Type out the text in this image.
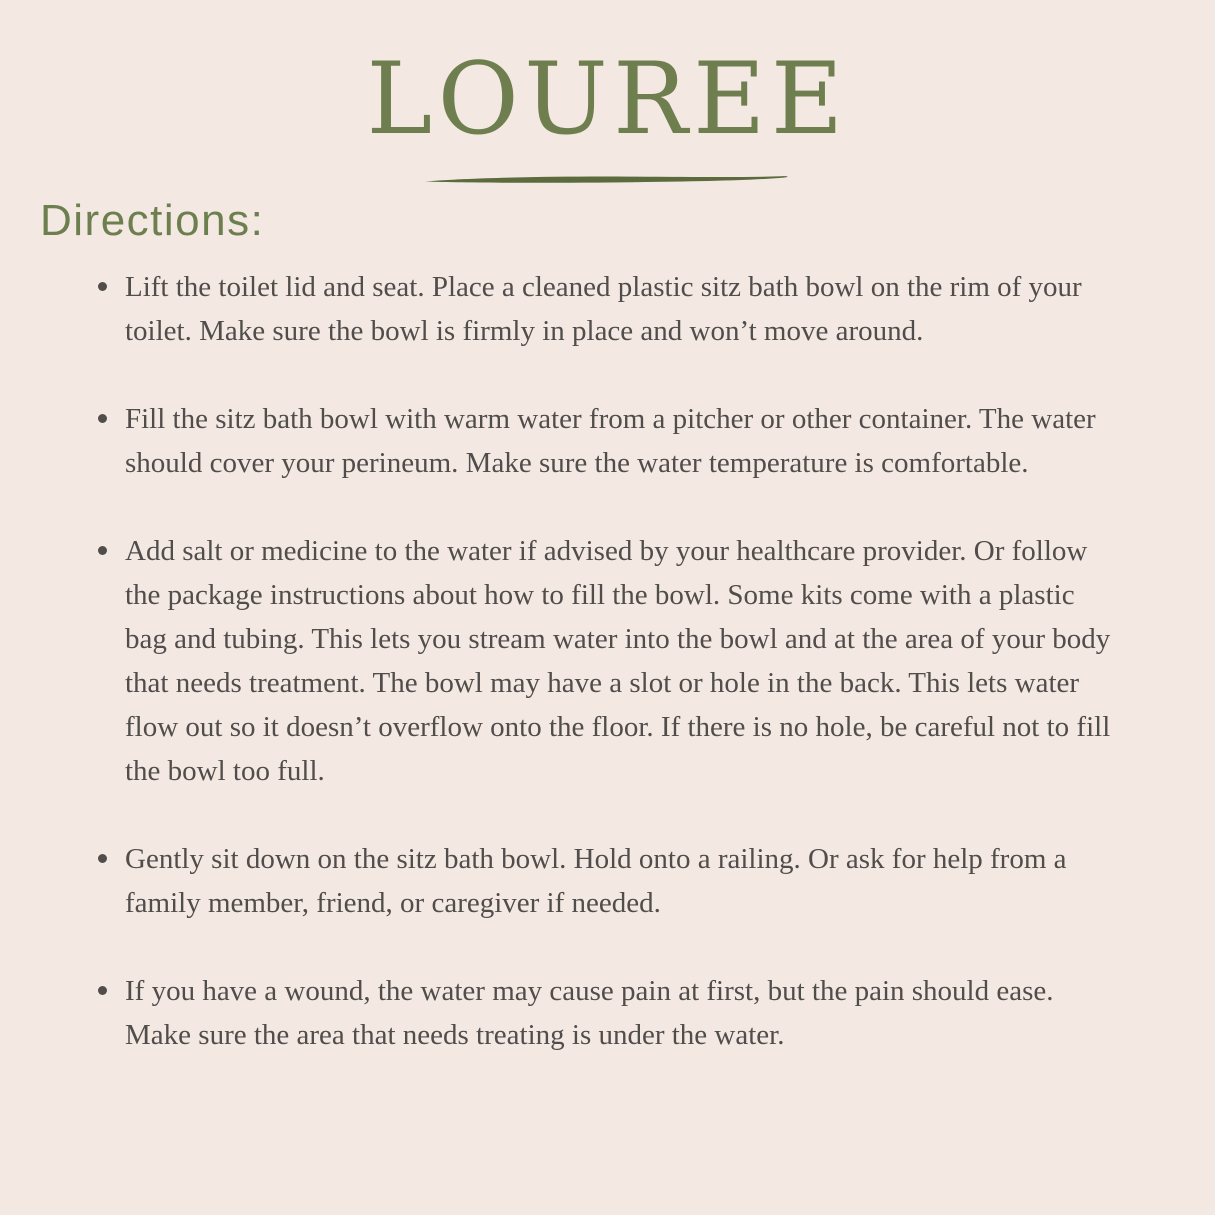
LOUREE
Directions:
Lift the toilet lid and seat. Place a cleaned plastic sitz bath bowl on the rim of your toilet. Make sure the bowl is firmly in place and won’t move around.
Fill the sitz bath bowl with warm water from a pitcher or other container. The water should cover your perineum. Make sure the water temperature is comfortable.
Add salt or medicine to the water if advised by your healthcare provider. Or follow the package instructions about how to fill the bowl. Some kits come with a plastic bag and tubing. This lets you stream water into the bowl and at the area of your body that needs treatment. The bowl may have a slot or hole in the back. This lets water flow out so it doesn’t overflow onto the floor. If there is no hole, be careful not to fill the bowl too full.
Gently sit down on the sitz bath bowl. Hold onto a railing. Or ask for help from a family member, friend, or caregiver if needed.
If you have a wound, the water may cause pain at first, but the pain should ease. Make sure the area that needs treating is under the water.
